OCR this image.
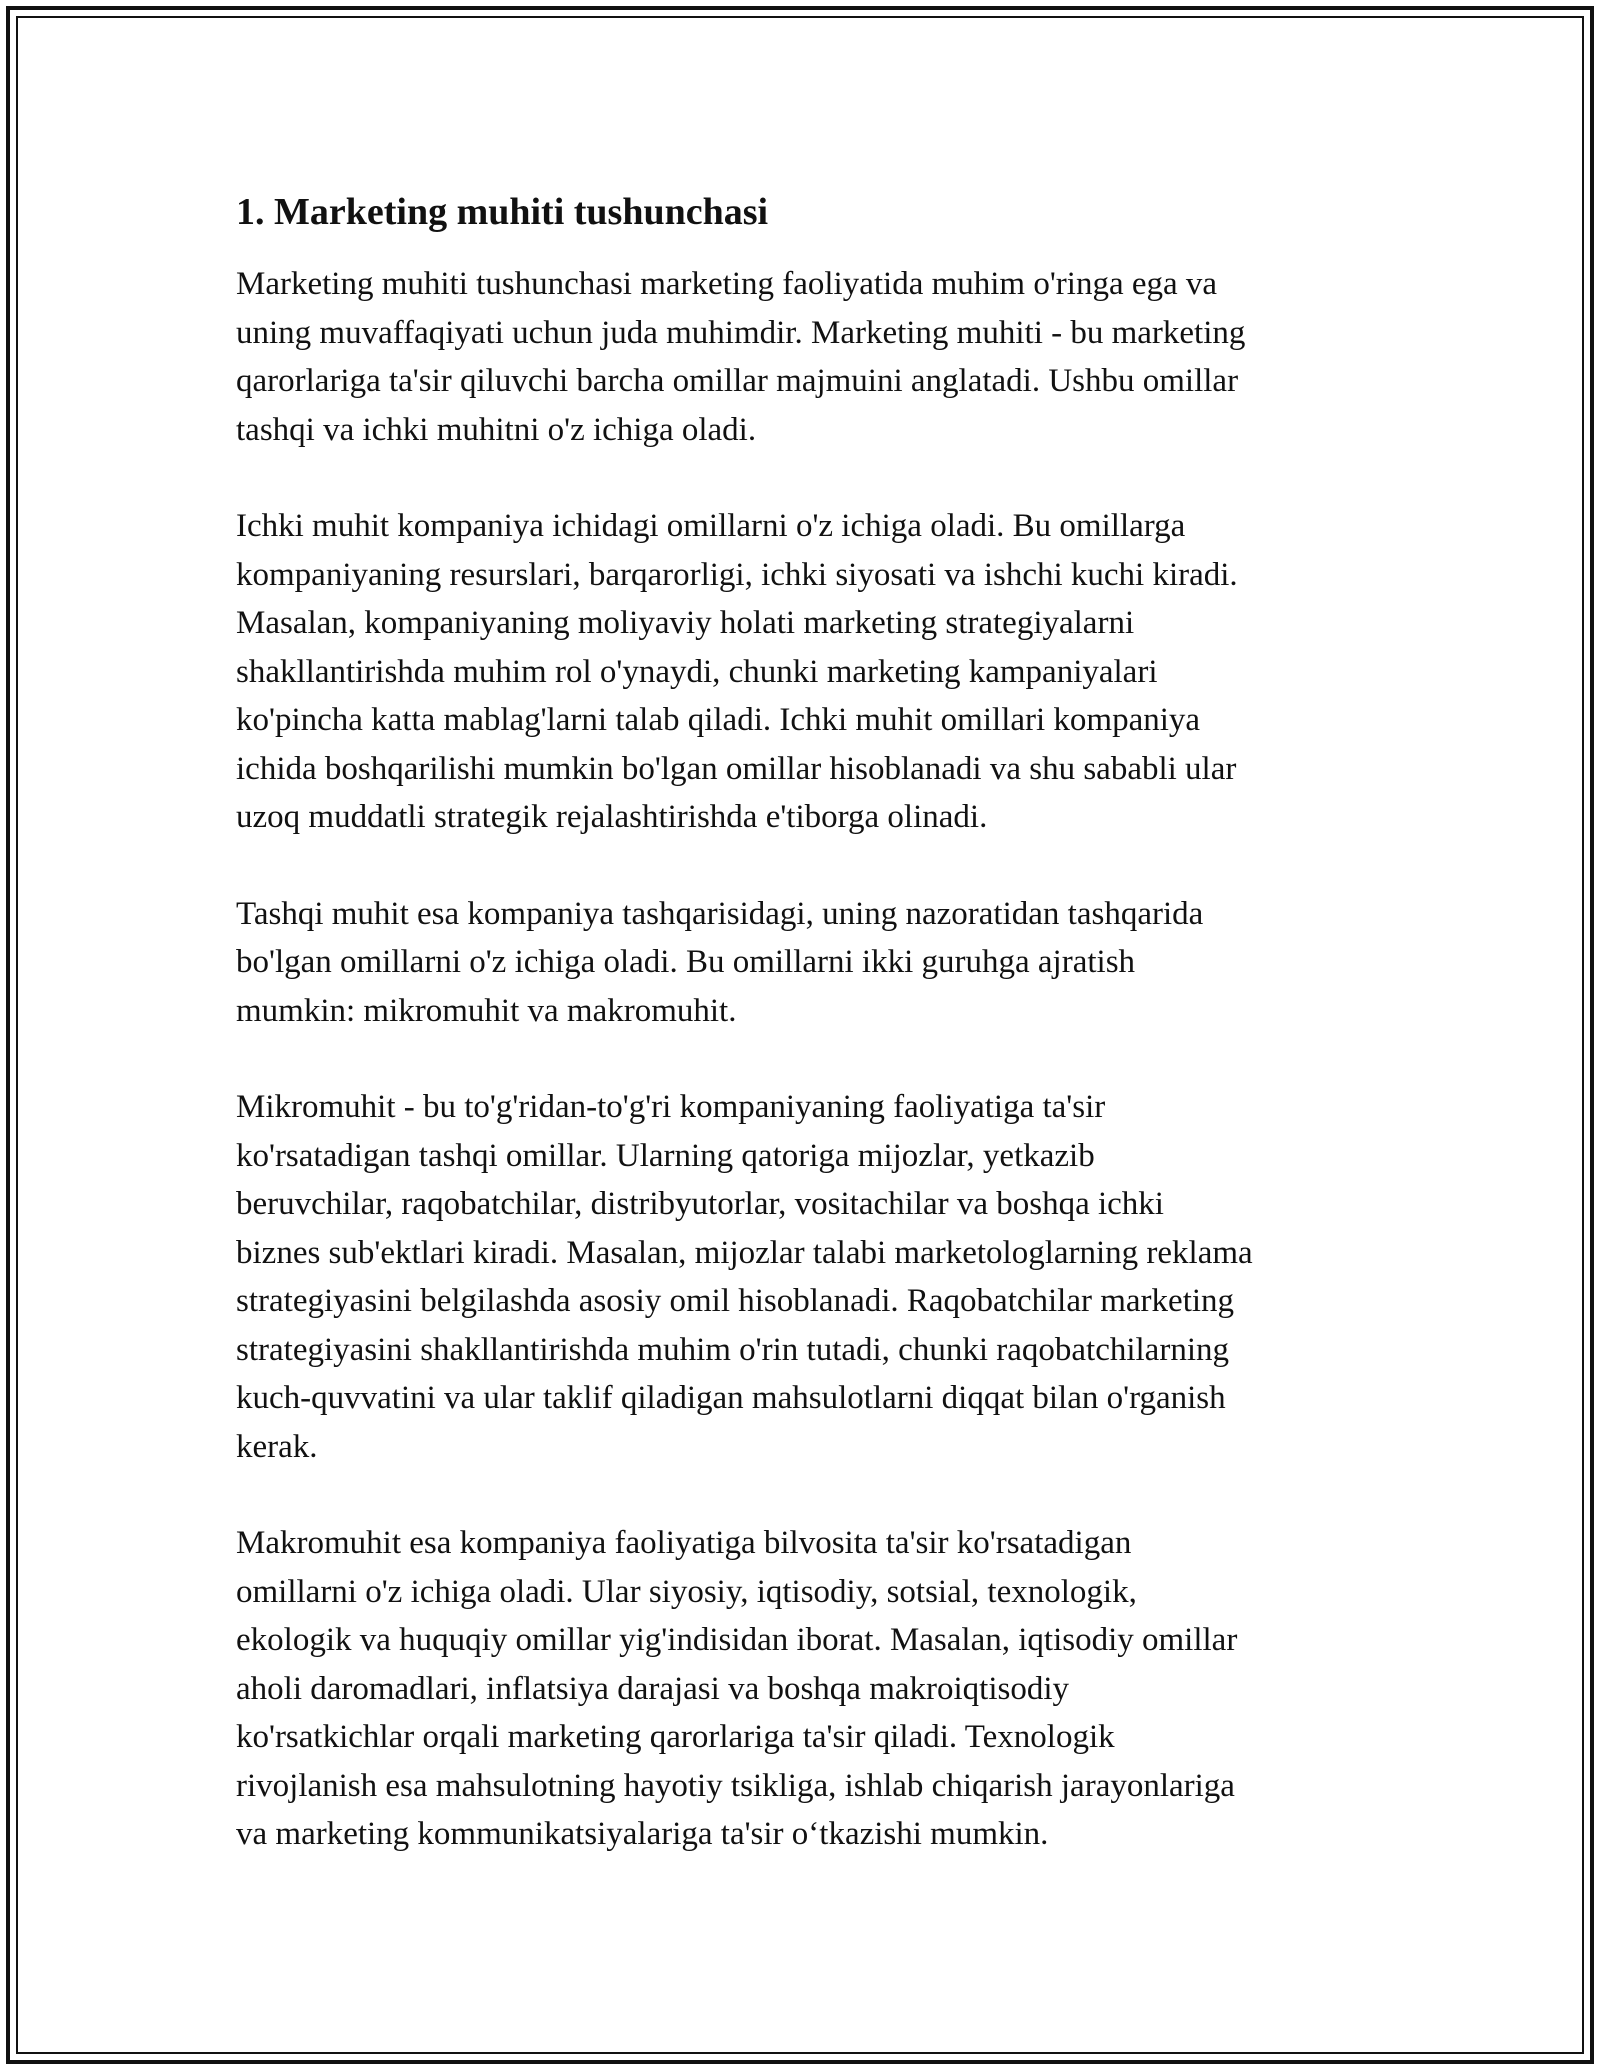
1. Marketing muhiti tushunchasi
Marketing muhiti tushunchasi marketing faoliyatida muhim o'ringa ega va
uning muvaffaqiyati uchun juda muhimdir. Marketing muhiti - bu marketing
qarorlariga ta'sir qiluvchi barcha omillar majmuini anglatadi. Ushbu omillar
tashqi va ichki muhitni o'z ichiga oladi.
Ichki muhit kompaniya ichidagi omillarni o'z ichiga oladi. Bu omillarga
kompaniyaning resurslari, barqarorligi, ichki siyosati va ishchi kuchi kiradi.
Masalan, kompaniyaning moliyaviy holati marketing strategiyalarni
shakllantirishda muhim rol o'ynaydi, chunki marketing kampaniyalari
ko'pincha katta mablag'larni talab qiladi. Ichki muhit omillari kompaniya
ichida boshqarilishi mumkin bo'lgan omillar hisoblanadi va shu sababli ular
uzoq muddatli strategik rejalashtirishda e'tiborga olinadi.
Tashqi muhit esa kompaniya tashqarisidagi, uning nazoratidan tashqarida
bo'lgan omillarni o'z ichiga oladi. Bu omillarni ikki guruhga ajratish
mumkin: mikromuhit va makromuhit.
Mikromuhit - bu to'g'ridan-to'g'ri kompaniyaning faoliyatiga ta'sir
ko'rsatadigan tashqi omillar. Ularning qatoriga mijozlar, yetkazib
beruvchilar, raqobatchilar, distribyutorlar, vositachilar va boshqa ichki
biznes sub'ektlari kiradi. Masalan, mijozlar talabi marketologlarning reklama
strategiyasini belgilashda asosiy omil hisoblanadi. Raqobatchilar marketing
strategiyasini shakllantirishda muhim o'rin tutadi, chunki raqobatchilarning
kuch-quvvatini va ular taklif qiladigan mahsulotlarni diqqat bilan o'rganish
kerak.
Makromuhit esa kompaniya faoliyatiga bilvosita ta'sir ko'rsatadigan
omillarni o'z ichiga oladi. Ular siyosiy, iqtisodiy, sotsial, texnologik,
ekologik va huquqiy omillar yig'indisidan iborat. Masalan, iqtisodiy omillar
aholi daromadlari, inflatsiya darajasi va boshqa makroiqtisodiy
ko'rsatkichlar orqali marketing qarorlariga ta'sir qiladi. Texnologik
rivojlanish esa mahsulotning hayotiy tsikliga, ishlab chiqarish jarayonlariga
va marketing kommunikatsiyalariga ta'sir o‘tkazishi mumkin.
